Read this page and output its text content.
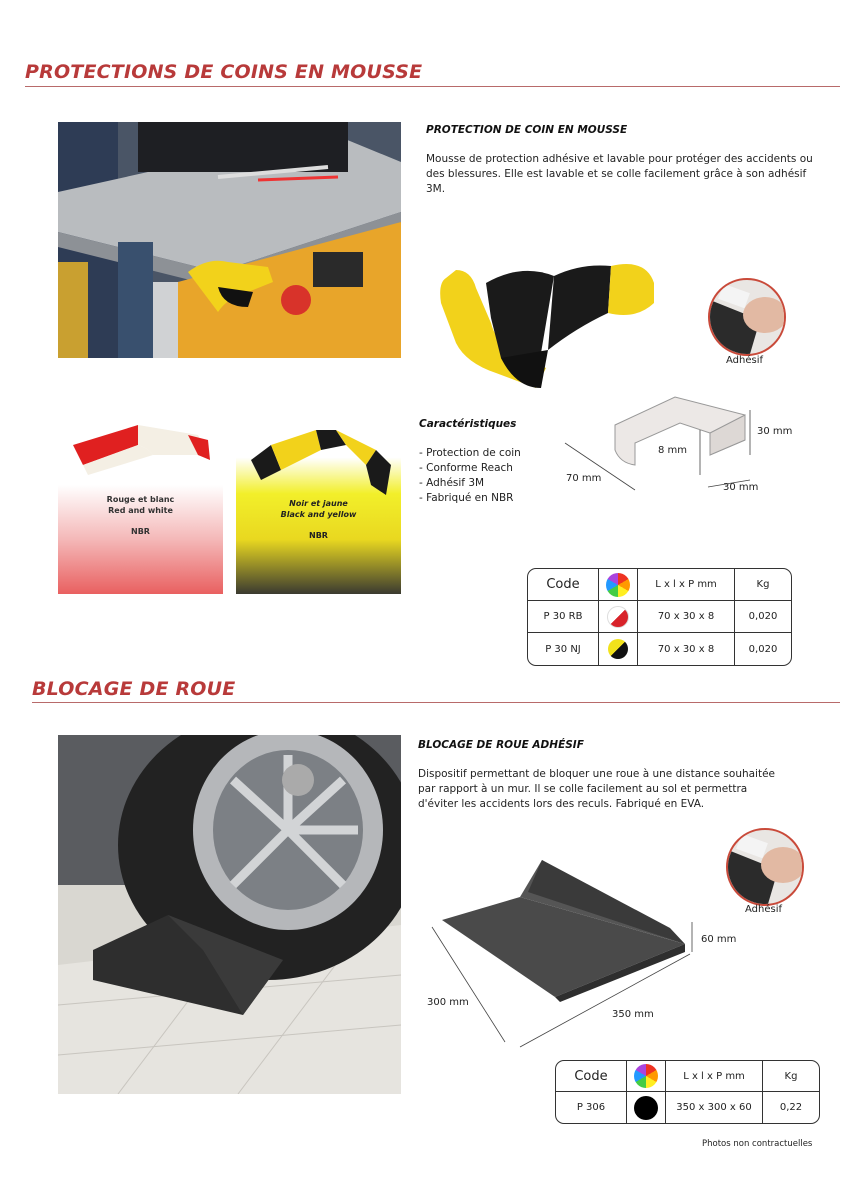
PROTECTIONS DE COINS EN MOUSSE
PROTECTION DE COIN EN MOUSSE
Mousse de protection adhésive et lavable pour protéger des accidents ou des blessures. Elle est lavable et se colle facilement grâce à son adhésif 3M.
Adhésif
Rouge et blanc
Red and white
NBR
Noir et jaune
Black and yellow
NBR
Caractéristiques
- Protection de coin
- Conforme Reach
- Adhésif 3M
- Fabriqué en NBR
8 mm
70 mm
30 mm
30 mm
Code		L x l x P mm	Kg
P 30 RB		70 x 30 x 8	0,020
P 30 NJ		70 x 30 x 8	0,020
BLOCAGE DE ROUE
BLOCAGE DE ROUE ADHÉSIF
Dispositif permettant de bloquer une roue à une distance souhaitée par rapport à un mur. Il se colle facilement au sol et permettra d'éviter les accidents lors des reculs. Fabriqué en EVA.
Adhésif
60 mm
300 mm
350 mm
Code		L x l x P mm	Kg
P 306		350 x 300 x 60	0,22
Photos non contractuelles
